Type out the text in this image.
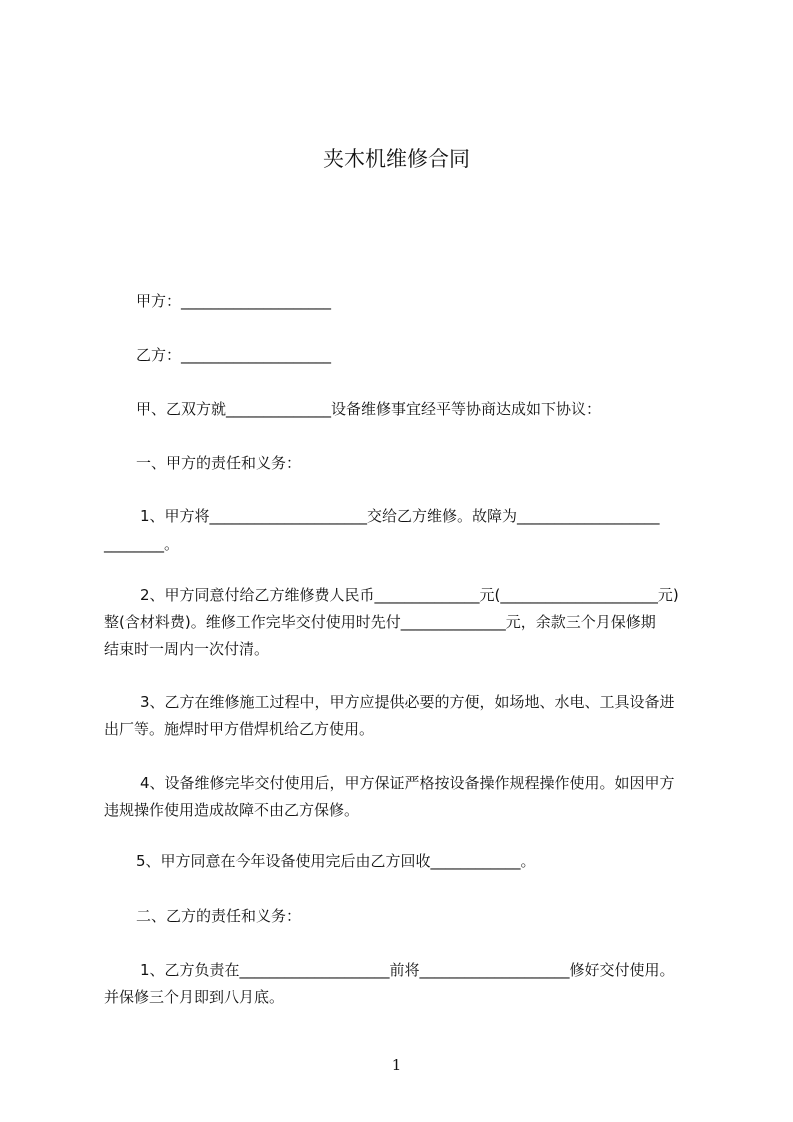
夹木机维修合同
甲方：____________________
乙方：____________________
甲、乙双方就______________设备维修事宜经平等协商达成如下协议：
一、甲方的责任和义务：
1、甲方将_____________________交给乙方维修。故障为___________________
________。
2、甲方同意付给乙方维修费人民币______________元(_____________________元)
整(含材料费)。维修工作完毕交付使用时先付______________元，余款三个月保修期
结束时一周内一次付清。
3、乙方在维修施工过程中，甲方应提供必要的方便，如场地、水电、工具设备进
出厂等。施焊时甲方借焊机给乙方使用。
4、设备维修完毕交付使用后，甲方保证严格按设备操作规程操作使用。如因甲方
违规操作使用造成故障不由乙方保修。
5、甲方同意在今年设备使用完后由乙方回收____________。
二、乙方的责任和义务：
1、乙方负责在____________________前将____________________修好交付使用。
并保修三个月即到八月底。
1
